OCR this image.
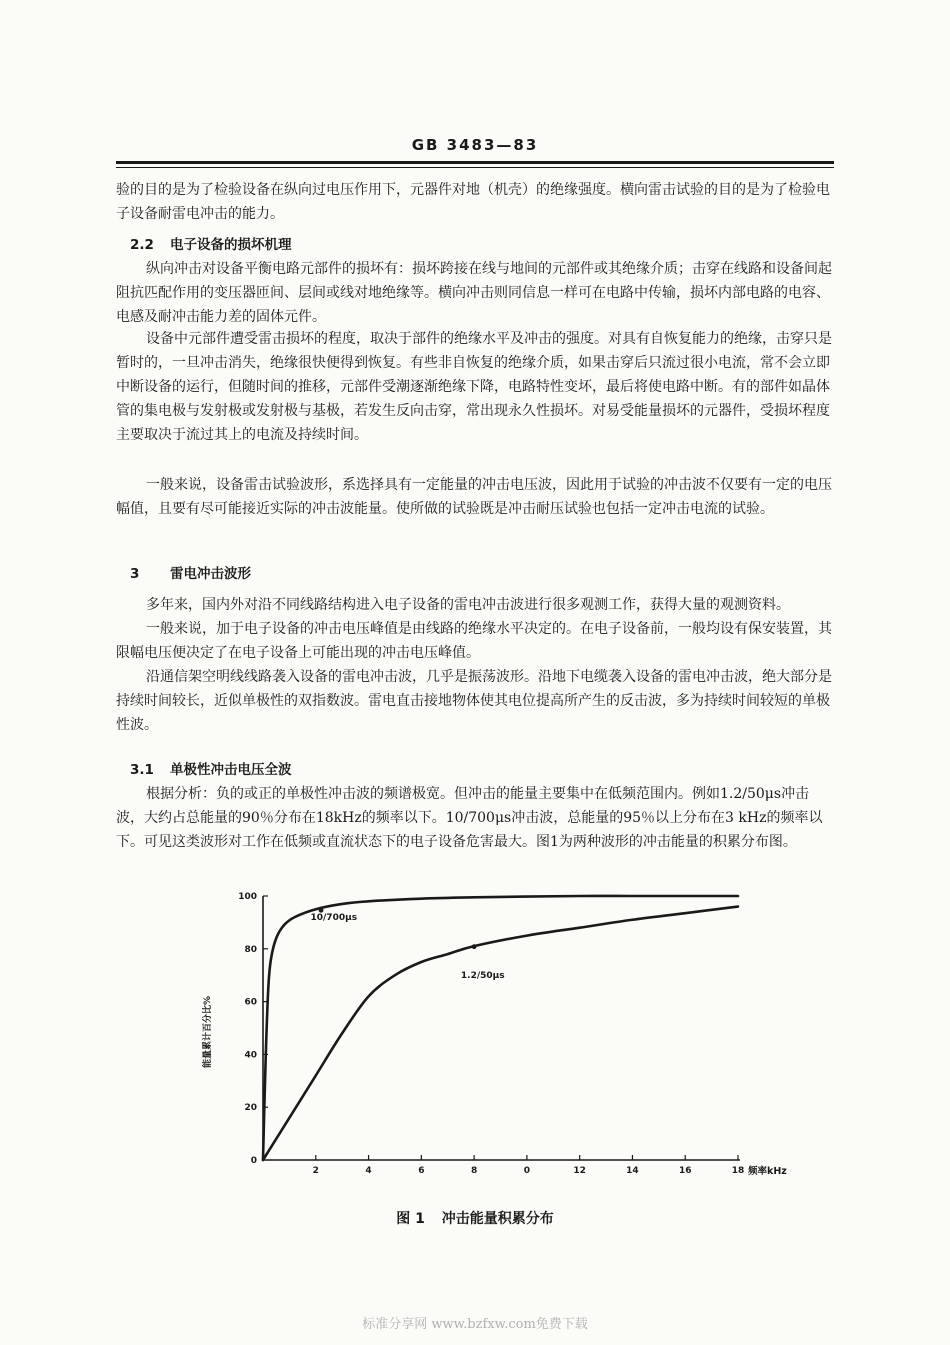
GB 3483—83

验的目的是为了检验设备在纵向过电压作用下，元器件对地（机壳）的绝缘强度。横向雷击试验的目的是为了检验电子设备耐雷电冲击的能力。

2.2 电子设备的损坏机理

纵向冲击对设备平衡电路元部件的损坏有：损坏跨接在线与地间的元部件或其绝缘介质；击穿在线路和设备间起阻抗匹配作用的变压器匝间、层间或线对地绝缘等。横向冲击则同信息一样可在电路中传输，损坏内部电路的电容、电感及耐冲击能力差的固体元件。

设备中元部件遭受雷击损坏的程度，取决于部件的绝缘水平及冲击的强度。对具有自恢复能力的绝缘，击穿只是暂时的，一旦冲击消失，绝缘很快便得到恢复。有些非自恢复的绝缘介质，如果击穿后只流过很小电流，常不会立即中断设备的运行，但随时间的推移，元部件受潮逐渐绝缘下降，电路特性变坏，最后将使电路中断。有的部件如晶体管的集电极与发射极或发射极与基极，若发生反向击穿，常出现永久性损坏。对易受能量损坏的元器件，受损坏程度主要取决于流过其上的电流及持续时间。

一般来说，设备雷击试验波形，系选择具有一定能量的冲击电压波，因此用于试验的冲击波不仅要有一定的电压幅值，且要有尽可能接近实际的冲击波能量。使所做的试验既是冲击耐压试验也包括一定冲击电流的试验。

3 雷电冲击波形

多年来，国内外对沿不同线路结构进入电子设备的雷电冲击波进行很多观测工作，获得大量的观测资料。

一般来说，加于电子设备的冲击电压峰值是由线路的绝缘水平决定的。在电子设备前，一般均设有保安装置，其限幅电压便决定了在电子设备上可能出现的冲击电压峰值。

沿通信架空明线线路袭入设备的雷电冲击波，几乎是振荡波形。沿地下电缆袭入设备的雷电冲击波，绝大部分是持续时间较长，近似单极性的双指数波。雷电直击接地物体使其电位提高所产生的反击波，多为持续时间较短的单极性波。

3.1 单极性冲击电压全波

根据分析：负的或正的单极性冲击波的频谱极宽。但冲击的能量主要集中在低频范围内。例如1.2/50μs冲击波，大约占总能量的90％分布在18kHz的频率以下。10/700μs冲击波，总能量的95％以上分布在3 kHz的频率以下。可见这类波形对工作在低频或直流状态下的电子设备危害最大。图1为两种波形的冲击能量的积累分布图。

2	4	6	8	0	12	14	16	18
0
20
40
60
80
100
频率kHz
能量累计百分比%
10/700μs
1.2/50μs
图 1 冲击能量积累分布
标准分享网 www.bzfxw.com免费下载
